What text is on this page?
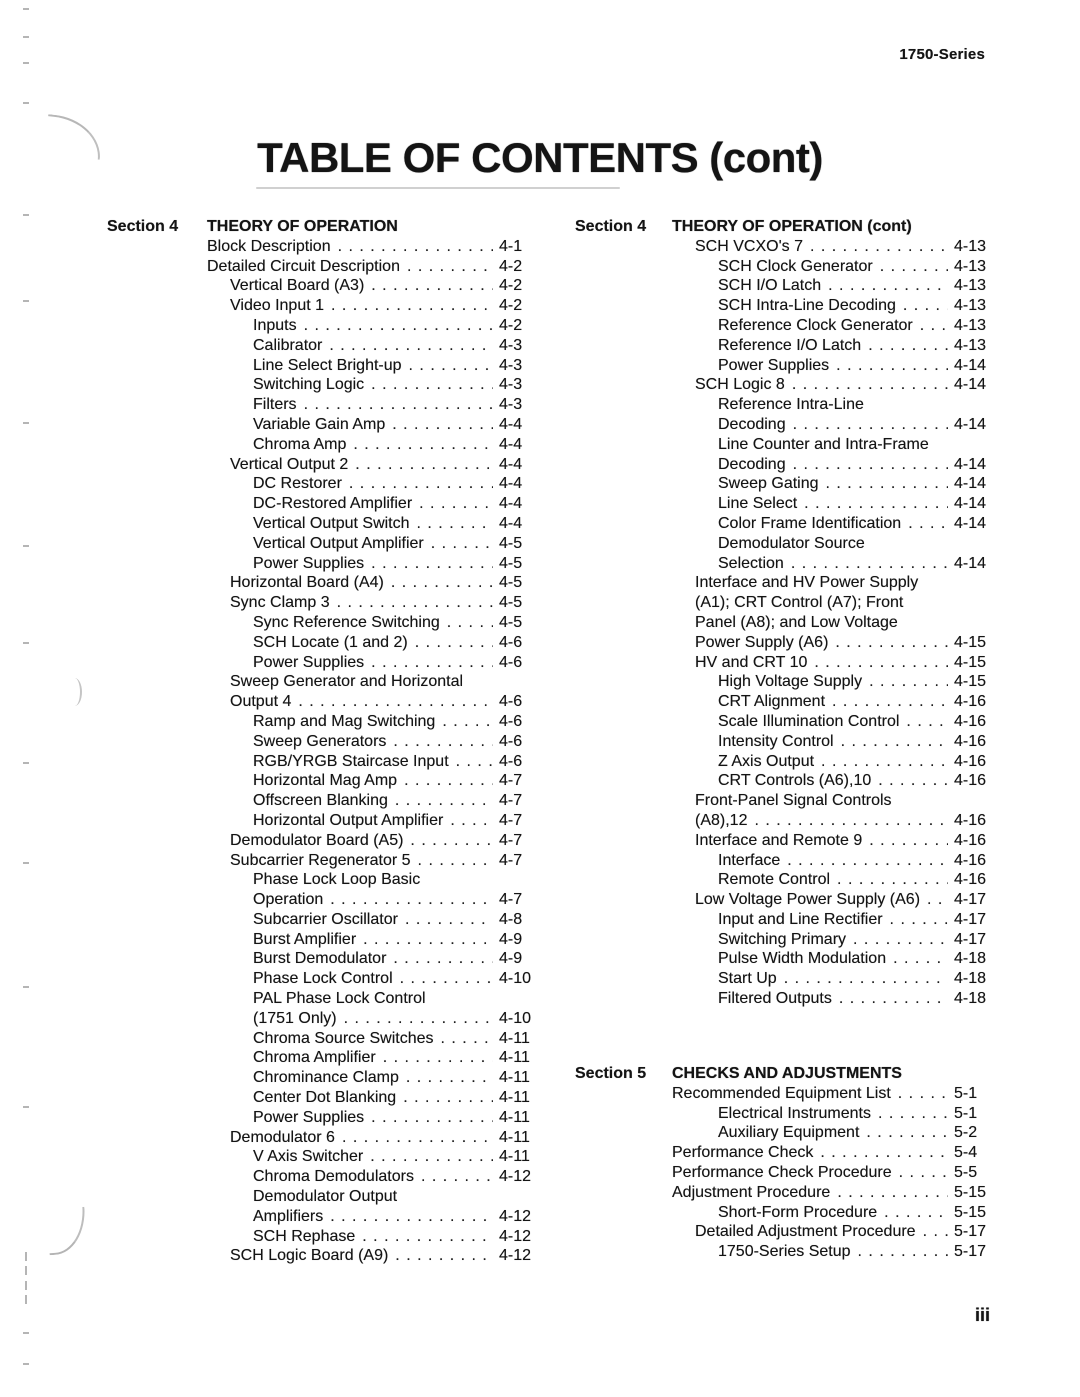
1750-Series
TABLE OF CONTENTS (cont)
Section 4 THEORY OF OPERATION
Block Description . . .	4-1
Detailed Circuit Description . . .	4-2
Vertical Board (A3) . . .	4-2
Video Input 1 . . .	4-2
Inputs . . .	4-2
Calibrator . . .	4-3
Line Select Bright-up . . .	4-3
Switching Logic . . .	4-3
Filters . . .	4-3
Variable Gain Amp . . .	4-4
Chroma Amp . . .	4-4
Vertical Output 2 . . .	4-4
DC Restorer . . .	4-4
DC-Restored Amplifier . . .	4-4
Vertical Output Switch . . .	4-4
Vertical Output Amplifier . . .	4-5
Power Supplies . . .	4-5
Horizontal Board (A4) . . .	4-5
Sync Clamp 3 . . .	4-5
Sync Reference Switching . . .	4-5
SCH Locate (1 and 2) . . .	4-6
Power Supplies . . .	4-6
Sweep Generator and Horizontal
Output 4 . . .	4-6
Ramp and Mag Switching . . .	4-6
Sweep Generators . . .	4-6
RGB/YRGB Staircase Input . . .	4-6
Horizontal Mag Amp . . .	4-7
Offscreen Blanking . . .	4-7
Horizontal Output Amplifier . . .	4-7
Demodulator Board (A5) . . .	4-7
Subcarrier Regenerator 5 . . .	4-7
Phase Lock Loop Basic
Operation . . .	4-7
Subcarrier Oscillator . . .	4-8
Burst Amplifier . . .	4-9
Burst Demodulator . . .	4-9
Phase Lock Control . . .	4-10
PAL Phase Lock Control
(1751 Only) . . .	4-10
Chroma Source Switches . . .	4-11
Chroma Amplifier . . .	4-11
Chrominance Clamp . . .	4-11
Center Dot Blanking . . .	4-11
Power Supplies . . .	4-11
Demodulator 6 . . .	4-11
V Axis Switcher . . .	4-11
Chroma Demodulators . . .	4-12
Demodulator Output
Amplifiers . . .	4-12
SCH Rephase . . .	4-12
SCH Logic Board (A9) . . .	4-12
Section 4 THEORY OF OPERATION (cont)
SCH VCXO's 7 . . .	4-13
SCH Clock Generator . . .	4-13
SCH I/O Latch . . .	4-13
SCH Intra-Line Decoding . . .	4-13
Reference Clock Generator . . .	4-13
Reference I/O Latch . . .	4-13
Power Supplies . . .	4-14
SCH Logic 8 . . .	4-14
Reference Intra-Line
Decoding . . .	4-14
Line Counter and Intra-Frame
Decoding . . .	4-14
Sweep Gating . . .	4-14
Line Select . . .	4-14
Color Frame Identification . . .	4-14
Demodulator Source
Selection . . .	4-14
Interface and HV Power Supply
(A1); CRT Control (A7); Front
Panel (A8); and Low Voltage
Power Supply (A6) . . .	4-15
HV and CRT 10 . . .	4-15
High Voltage Supply . . .	4-15
CRT Alignment . . .	4-16
Scale Illumination Control . . .	4-16
Intensity Control . . .	4-16
Z Axis Output . . .	4-16
CRT Controls (A6),10 . . .	4-16
Front-Panel Signal Controls
(A8),12 . . .	4-16
Interface and Remote 9 . . .	4-16
Interface . . .	4-16
Remote Control . . .	4-16
Low Voltage Power Supply (A6) . . . 4-17
Input and Line Rectifier . . .	4-17
Switching Primary . . .	4-17
Pulse Width Modulation . . .	4-18
Start Up . . .	4-18
Filtered Outputs . . .	4-18
Section 5 CHECKS AND ADJUSTMENTS
Recommended Equipment List . . .	5-1
Electrical Instruments . . .	5-1
Auxiliary Equipment . . .	5-2
Performance Check . . .	5-4
Performance Check Procedure . . .	5-5
Adjustment Procedure . . .	5-15
Short-Form Procedure . . .	5-15
Detailed Adjustment Procedure . . . 5-17
1750-Series Setup . . .	5-17
iii
